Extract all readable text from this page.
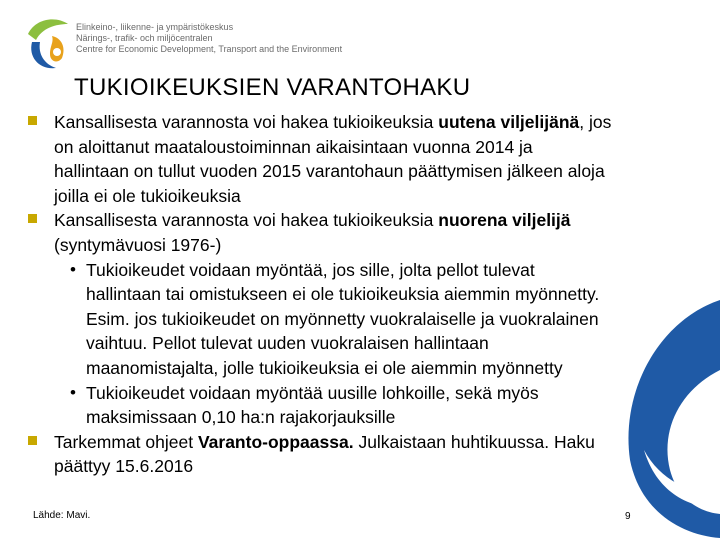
Elinkeino-, liikenne- ja ympäristökeskus
Närings-, trafik- och miljöcentralen
Centre for Economic Development, Transport and the Environment
TUKIOIKEUKSIEN VARANTOHAKU
Kansallisesta varannosta voi hakea tukioikeuksia uutena viljelijänä, jos on aloittanut maataloustoiminnan aikaisintaan vuonna 2014 ja hallintaan on tullut vuoden 2015 varantohaun päättymisen jälkeen aloja joilla ei ole tukioikeuksia
Kansallisesta varannosta voi hakea tukioikeuksia nuorena viljelijä (syntymävuosi 1976-)
• Tukioikeudet voidaan myöntää, jos sille, jolta pellot tulevat hallintaan tai omistukseen ei ole tukioikeuksia aiemmin myönnetty. Esim. jos tukioikeudet on myönnetty vuokralaiselle ja vuokralainen vaihtuu. Pellot tulevat uuden vuokralaisen hallintaan maanomistajalta, jolle tukioikeuksia ei ole aiemmin myönnetty
• Tukioikeudet voidaan myöntää uusille lohkoille, sekä myös maksimissaan 0,10 ha:n rajakorjauksille
Tarkemmat ohjeet Varanto-oppaassa. Julkaistaan huhtikuussa. Haku päättyy 15.6.2016
Lähde: Mavi.	9
